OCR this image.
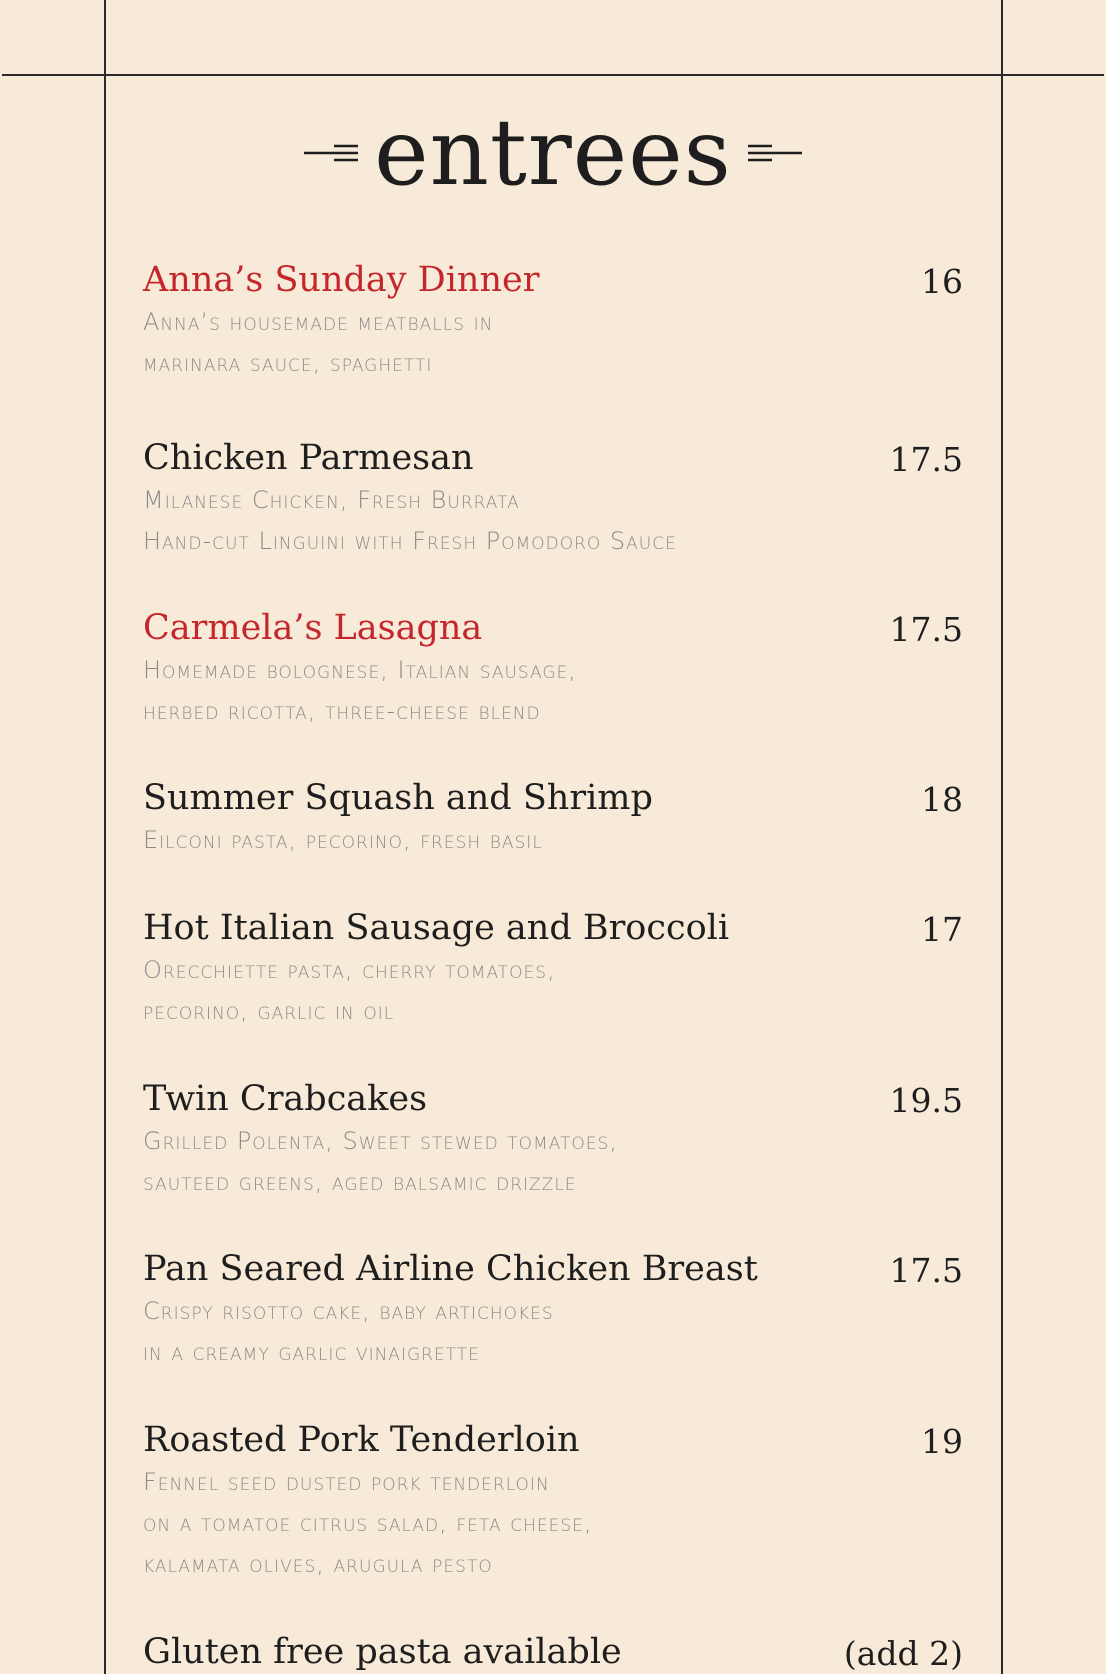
entrees
Anna’s Sunday Dinner	16
Anna’s housemade meatballs in
marinara sauce, spaghetti
Chicken Parmesan	17.5
Milanese Chicken, Fresh Burrata
Hand-cut Linguini with Fresh Pomodoro Sauce
Carmela’s Lasagna	17.5
Homemade bolognese, Italian sausage,
herbed ricotta, three-cheese blend
Summer Squash and Shrimp	18
Eilconi pasta, pecorino, fresh basil
Hot Italian Sausage and Broccoli	17
Orecchiette pasta, cherry tomatoes,
pecorino, garlic in oil
Twin Crabcakes	19.5
Grilled Polenta, Sweet stewed tomatoes,
sauteed greens, aged balsamic drizzle
Pan Seared Airline Chicken Breast	17.5
Crispy risotto cake, baby artichokes
in a creamy garlic vinaigrette
Roasted Pork Tenderloin	19
Fennel seed dusted pork tenderloin
on a tomatoe citrus salad, feta cheese,
kalamata olives, arugula pesto
Gluten free pasta available	(add 2)
